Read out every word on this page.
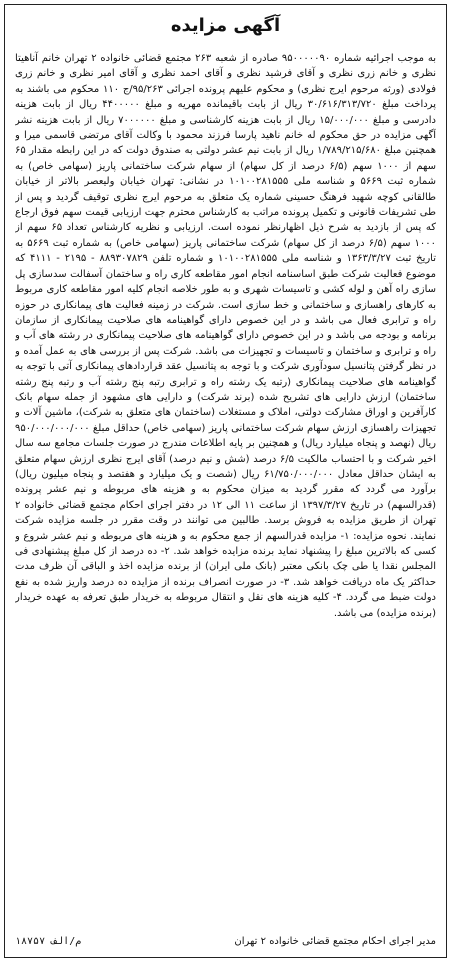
آگهی مزایده
به موجب اجرائیه شماره ۹۵۰۰۰۰۰۹۰ صادره از شعبه ۲۶۳ مجتمع قضائی خانواده ۲ تهران خانم آناهیتا نظری و خانم زری نظری و آقای فرشید نظری و آقای احمد نظری و آقای امیر نظری و خانم زری فولادی (ورثه مرحوم ایرج نظری) و محکوم علیهم پرونده اجرائی ۹۵/۲۶۳/ج ۱۱۰ محکوم می باشند به پرداخت مبلغ ۳۰/۶۱۶/۳۱۳/۷۲۰ ریال از بابت باقیمانده مهریه و مبلغ ۴۴۰۰۰۰۰ ریال از بابت هزینه دادرسی و مبلغ ۱۵/۰۰۰/۰۰۰ ریال از بابت هزینه کارشناسی و مبلغ ۷۰۰۰۰۰۰ ریال از بابت هزینه نشر آگهی مزایده در حق محکوم له خانم ناهید پارسا فرزند محمود با وکالت آقای مرتضی قاسمی میرا و همچنین مبلغ ۱/۷۸۹/۲۱۵/۶۸۰ ریال از بابت نیم عشر دولتی به صندوق دولت که در این رابطه مقدار ۶۵ سهم از ۱۰۰۰ سهم (۶/۵ درصد از کل سهام) از سهام شرکت ساختمانی پاریز (سهامی خاص) به شماره ثبت ۵۶۶۹ و شناسه ملی ۱۰۱۰۰۲۸۱۵۵۵ در نشانی: تهران خیابان ولیعصر بالاتر از خیابان طالقانی کوچه شهید فرهنگ حسینی شماره یک متعلق به مرحوم ایرج نظری توقیف گردید و پس از طی تشریفات قانونی و تکمیل پرونده مراتب به کارشناس محترم جهت ارزیابی قیمت سهم فوق ارجاع که پس از بازدید به شرح ذیل اظهارنظر نموده است. ارزیابی و نظریه کارشناس تعداد ۶۵ سهم از ۱۰۰۰ سهم (۶/۵ درصد از کل سهام) شرکت ساختمانی پاریز (سهامی خاص) به شماره ثبت ۵۶۶۹ به تاریخ ثبت ۱۳۶۳/۳/۲۷ و شناسه ملی ۱۰۱۰۰۲۸۱۵۵۵ و شماره تلفن ۸۸۹۳۰۷۸۲۹ - ۲۱۹۵ - ۴۱۱۱ که موضوع فعالیت شرکت طبق اساسنامه انجام امور مقاطعه کاری راه و ساختمان آسفالت سدسازی پل سازی راه آهن و لوله کشی و تاسیسات شهری و به طور خلاصه انجام کلیه امور مقاطعه کاری مربوط به کارهای راهسازی و ساختمانی و خط سازی است. شرکت در زمینه فعالیت های پیمانکاری در حوزه راه و ترابری فعال می باشد و در این خصوص دارای گواهینامه های صلاحیت پیمانکاری از سازمان برنامه و بودجه می باشد و در این خصوص دارای گواهینامه های صلاحیت پیمانکاری در رشته های آب و راه و ترابری و ساختمان و تاسیسات و تجهیزات می باشد. شرکت پس از بررسی های به عمل آمده و در نظر گرفتن پتانسیل سودآوری شرکت و با توجه به پتانسیل عقد قراردادهای پیمانکاری آتی با توجه به گواهینامه های صلاحیت پیمانکاری (رتبه یک رشته راه و ترابری رتبه پنج رشته آب و رتبه پنج رشته ساختمان) ارزش دارایی های تشریح شده (برند شرکت) و دارایی های مشهود از جمله سهام بانک کارآفرین و اوراق مشارکت دولتی، املاک و مستغلات (ساختمان های متعلق به شرکت)، ماشین آلات و تجهیزات راهسازی ارزش سهام شرکت ساختمانی پاریز (سهامی خاص) حداقل مبلغ ۹۵۰/۰۰۰/۰۰۰/۰۰۰ ریال (نهصد و پنجاه میلیارد ریال) و همچنین بر پایه اطلاعات مندرج در صورت جلسات مجامع سه سال اخیر شرکت و با احتساب مالکیت ۶/۵ درصد (شش و نیم درصد) آقای ایرج نظری ارزش سهام متعلق به ایشان حداقل معادل ۶۱/۷۵۰/۰۰۰/۰۰۰ ریال (شصت و یک میلیارد و هفتصد و پنجاه میلیون ریال) برآورد می گردد که مقرر گردید به میزان محکوم به و هزینه های مربوطه و نیم عشر پرونده (قدرالسهم) در تاریخ ۱۳۹۷/۳/۲۷ از ساعت ۱۱ الی ۱۲ در دفتر اجرای احکام مجتمع قضائی خانواده ۲ تهران از طریق مزایده به فروش برسد. طالبین می توانند در وقت مقرر در جلسه مزایده شرکت نمایند. نحوه مزایده: ۱- مزایده قدرالسهم از جمع محکوم به و هزینه های مربوطه و نیم عشر شروع و کسی که بالاترین مبلغ را پیشنهاد نماید برنده مزایده خواهد شد. ۲- ده درصد از کل مبلغ پیشنهادی فی المجلس نقدا یا طی چک بانکی معتبر (بانک ملی ایران) از برنده مزایده اخذ و الباقی آن ظرف مدت حداکثر یک ماه دریافت خواهد شد. ۳- در صورت انصراف برنده از مزایده ده درصد واریز شده به نفع دولت ضبط می گردد. ۴- کلیه هزینه های نقل و انتقال مربوطه به خریدار طبق تعرفه به عهده خریدار (برنده مزایده) می باشد.
مدیر اجرای احکام مجتمع قضائی خانواده ۲ تهران
م/الف ۱۸۷۵۷
